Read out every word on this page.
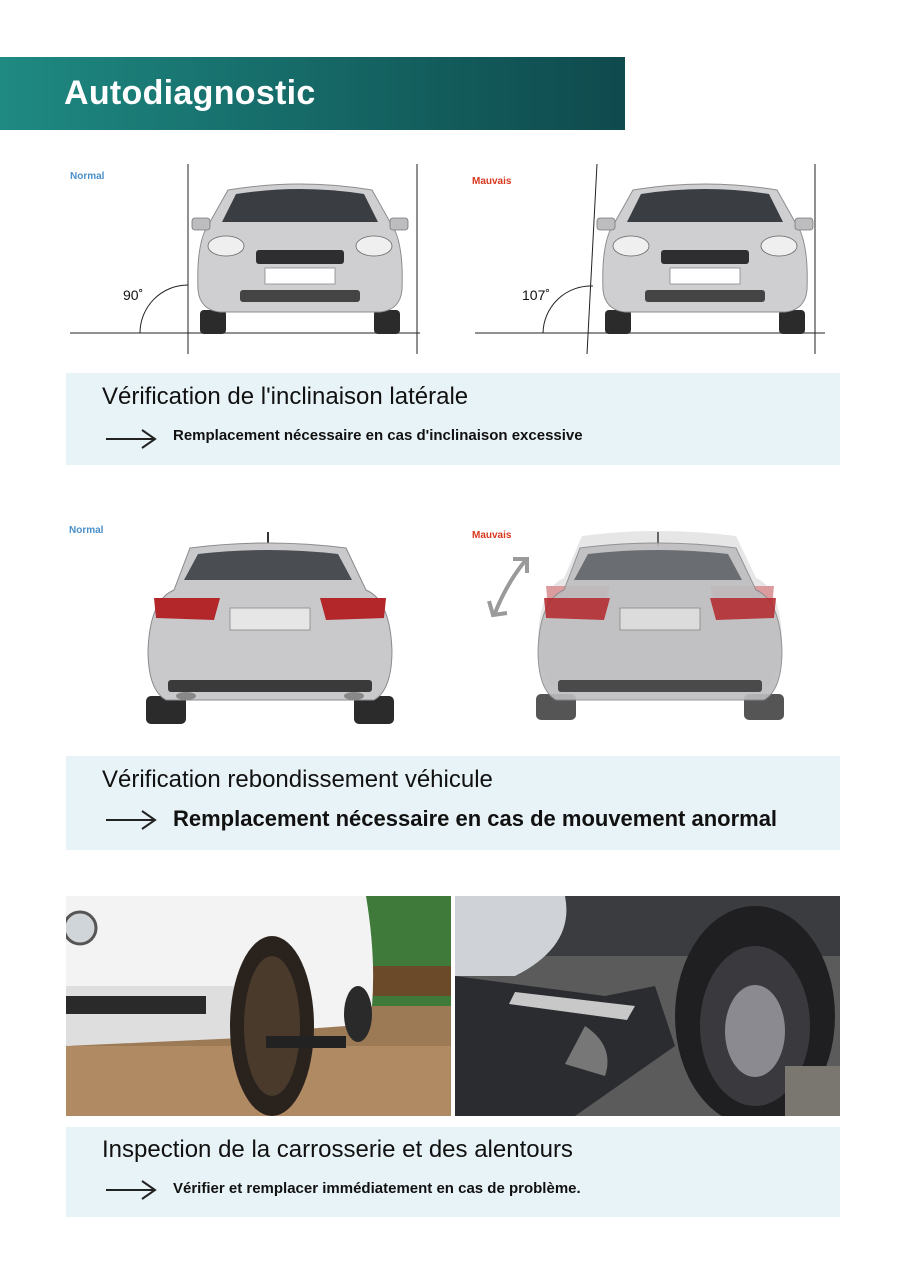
Autodiagnostic
Normal
90˚
Mauvais
107˚
Vérification de l'inclinaison latérale
Remplacement nécessaire en cas d'inclinaison excessive
Normal	Mauvais
Vérification rebondissement véhicule
Remplacement nécessaire en cas de mouvement anormal
Inspection de la carrosserie et des alentours
Vérifier et remplacer immédiatement en cas de problème.
